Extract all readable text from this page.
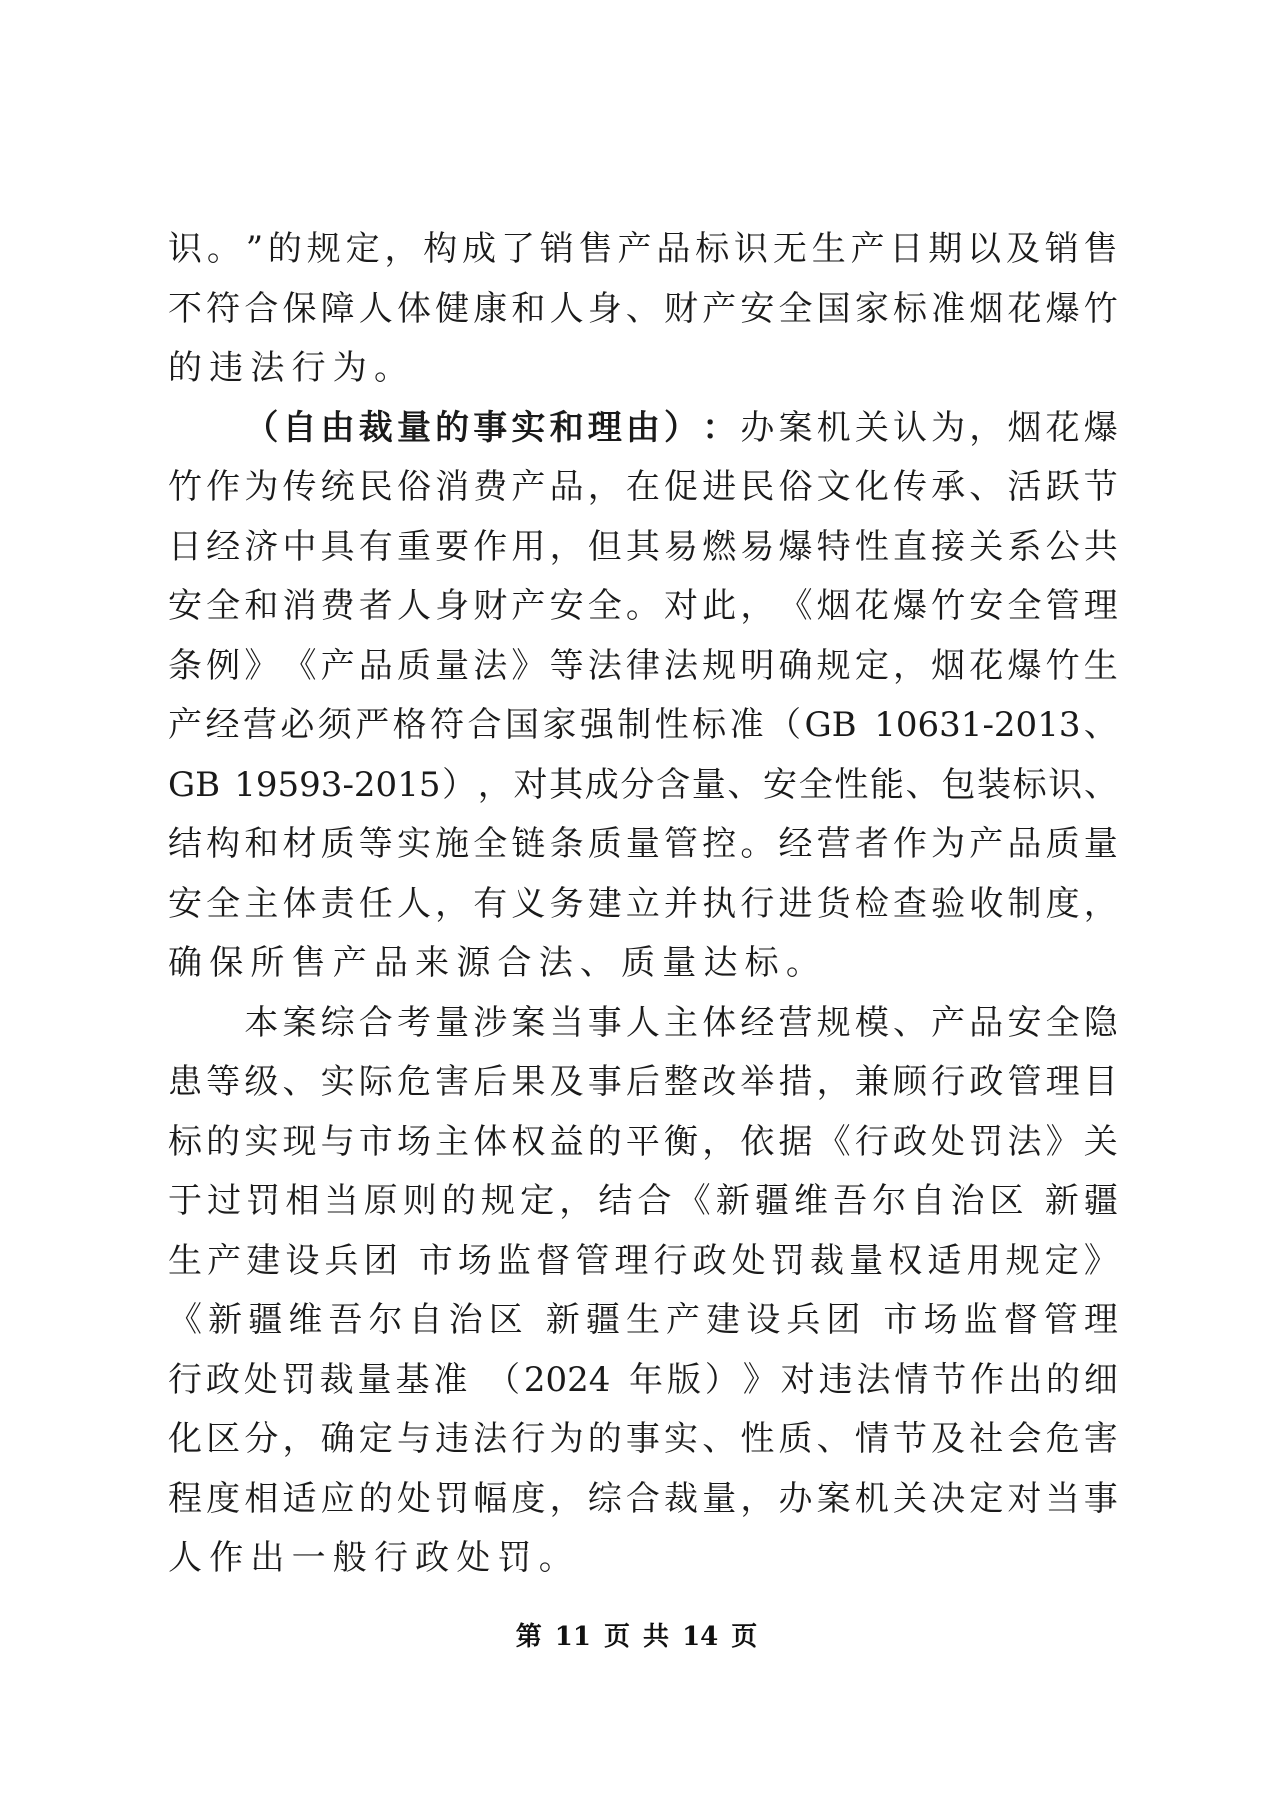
识 。 ” 的 规 定 ， 构 成 了 销 售 产 品 标 识 无 生 产 日 期 以 及 销 售
不 符 合 保 障 人 体 健 康 和 人 身 、 财 产 安 全 国 家 标 准 烟 花 爆 竹
的 违 法 行 为 。

（ 自 由 裁 量 的 事 实 和 理 由 ） ： 办 案 机 关 认 为 ， 烟 花 爆
竹 作 为 传 统 民 俗 消 费 产 品 ， 在 促 进 民 俗 文 化 传 承 、 活 跃 节
日 经 济 中 具 有 重 要 作 用 ， 但 其 易 燃 易 爆 特 性 直 接 关 系 公 共
安 全 和 消 费 者 人 身 财 产 安 全 。 对 此 ， 《 烟 花 爆 竹 安 全 管 理
条 例 》 《 产 品 质 量 法 》 等 法 律 法 规 明 确 规 定 ， 烟 花 爆 竹 生
产 经 营 必 须 严 格 符 合 国 家 强 制 性 标 准 （ GB
10631-2013 、
GB
19593-2015 ） ， 对 其 成 分 含 量 、 安 全 性 能 、 包 装 标 识 、
结 构 和 材 质 等 实 施 全 链 条 质 量 管 控 。 经 营 者 作 为 产 品 质 量
安 全 主 体 责 任 人 ， 有 义 务 建 立 并 执 行 进 货 检 查 验 收 制 度 ，
确 保 所 售 产 品 来 源 合 法 、 质 量 达 标 。

本 案 综 合 考 量 涉 案 当 事 人 主 体 经 营 规 模 、 产 品 安 全 隐
患 等 级 、 实 际 危 害 后 果 及 事 后 整 改 举 措 ， 兼 顾 行 政 管 理 目
标 的 实 现 与 市 场 主 体 权 益 的 平 衡 ， 依 据 《 行 政 处 罚 法 》 关
于 过 罚 相 当 原 则 的 规 定 ， 结 合 《 新 疆 维 吾 尔 自 治 区
新 疆
生 产 建 设 兵 团
市 场 监 督 管 理 行 政 处 罚 裁 量 权 适 用 规 定 》
《 新 疆 维 吾 尔 自 治 区
新 疆 生 产 建 设 兵 团
市 场 监 督 管 理
行 政 处 罚 裁 量 基 准
（ 2024
年 版 ） 》 对 违 法 情 节 作 出 的 细
化 区 分 ， 确 定 与 违 法 行 为 的 事 实 、 性 质 、 情 节 及 社 会 危 害
程 度 相 适 应 的 处 罚 幅 度 ， 综 合 裁 量 ， 办 案 机 关 决 定 对 当 事
人 作 出 一 般 行 政 处 罚 。
第 11 页 共 14 页
